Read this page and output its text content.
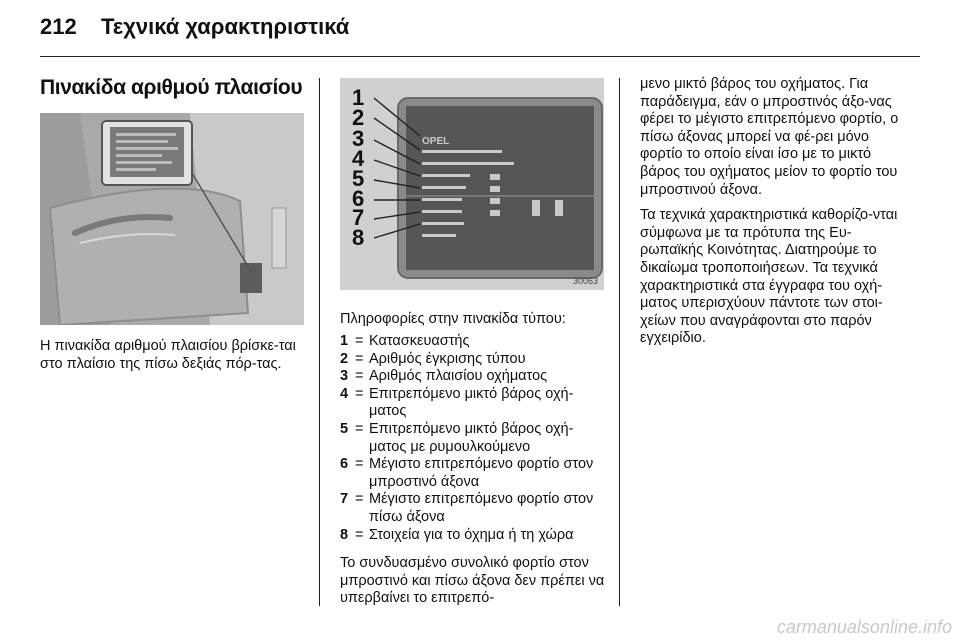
212 Τεχνικά χαρακτηριστικά
Πινακίδα αριθμού πλαισίου
Η πινακίδα αριθμού πλαισίου βρίσκε-ται στο πλαίσιο της πίσω δεξιάς πόρ-τας.
OPEL
1
2
3
4
5
6
7
8
30063
Πληροφορίες στην πινακίδα τύπου:
1 = Κατασκευαστής
2 = Αριθμός έγκρισης τύπου
3 = Αριθμός πλαισίου οχήματος
4 = Επιτρεπόμενο μικτό βάρος οχή-ματος
5 = Επιτρεπόμενο μικτό βάρος οχή-ματος με ρυμουλκούμενο
6 = Μέγιστο επιτρεπόμενο φορτίο στον μπροστινό άξονα
7 = Μέγιστο επιτρεπόμενο φορτίο στον πίσω άξονα
8 = Στοιχεία για το όχημα ή τη χώρα
Το συνδυασμένο συνολικό φορτίο στον μπροστινό και πίσω άξονα δεν πρέπει να υπερβαίνει το επιτρεπό-

μενο μικτό βάρος του οχήματος. Για παράδειγμα, εάν ο μπροστινός άξο-νας φέρει το μέγιστο επιτρεπόμενο φορτίο, ο πίσω άξονας μπορεί να φέ-ρει μόνο φορτίο το οποίο είναι ίσο με το μικτό βάρος του οχήματος μείον το φορτίο του μπροστινού άξονα.

Τα τεχνικά χαρακτηριστικά καθορίζο-νται σύμφωνα με τα πρότυπα της Ευ-ρωπαϊκής Κοινότητας. Διατηρούμε το δικαίωμα τροποποιήσεων. Τα τεχνικά χαρακτηριστικά στα έγγραφα του οχή-ματος υπερισχύουν πάντοτε των στοι-χείων που αναγράφονται στο παρόν εγχειρίδιο.

carmanualsonline.info
